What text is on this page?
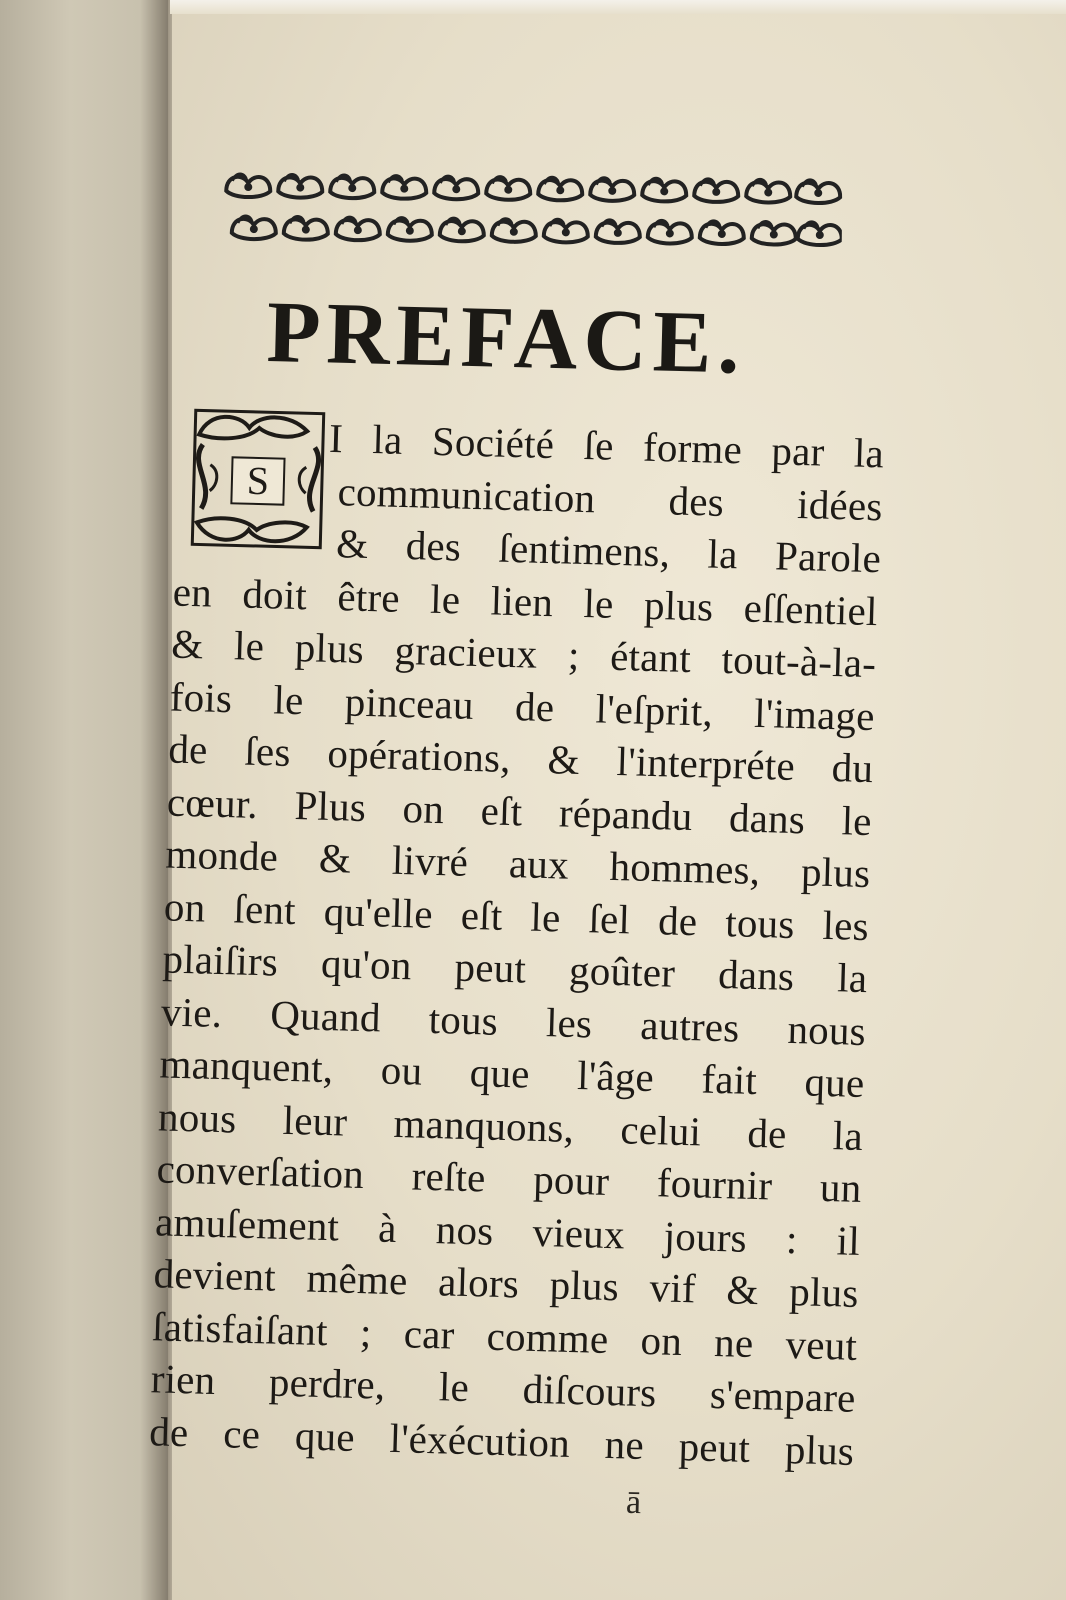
PREFACE.
S
I la Société ſe forme par la
communication des idées
& des ſentimens, la Parole
en doit être le lien le plus eſſentiel
& le plus gracieux ; étant tout-à-la-
fois le pinceau de l'eſprit, l'image
de ſes opérations, & l'interpréte du
cœur. Plus on eſt répandu dans le
monde & livré aux hommes, plus
on ſent qu'elle eſt le ſel de tous les
plaiſirs qu'on peut goûter dans la
vie. Quand tous les autres nous
manquent, ou que l'âge fait que
nous leur manquons, celui de la
converſation reſte pour fournir un
amuſement à nos vieux jours : il
devient même alors plus vif & plus
ſatisfaiſant ; car comme on ne veut
rien perdre, le diſcours s'empare
de ce que l'éxécution ne peut plus
ā
